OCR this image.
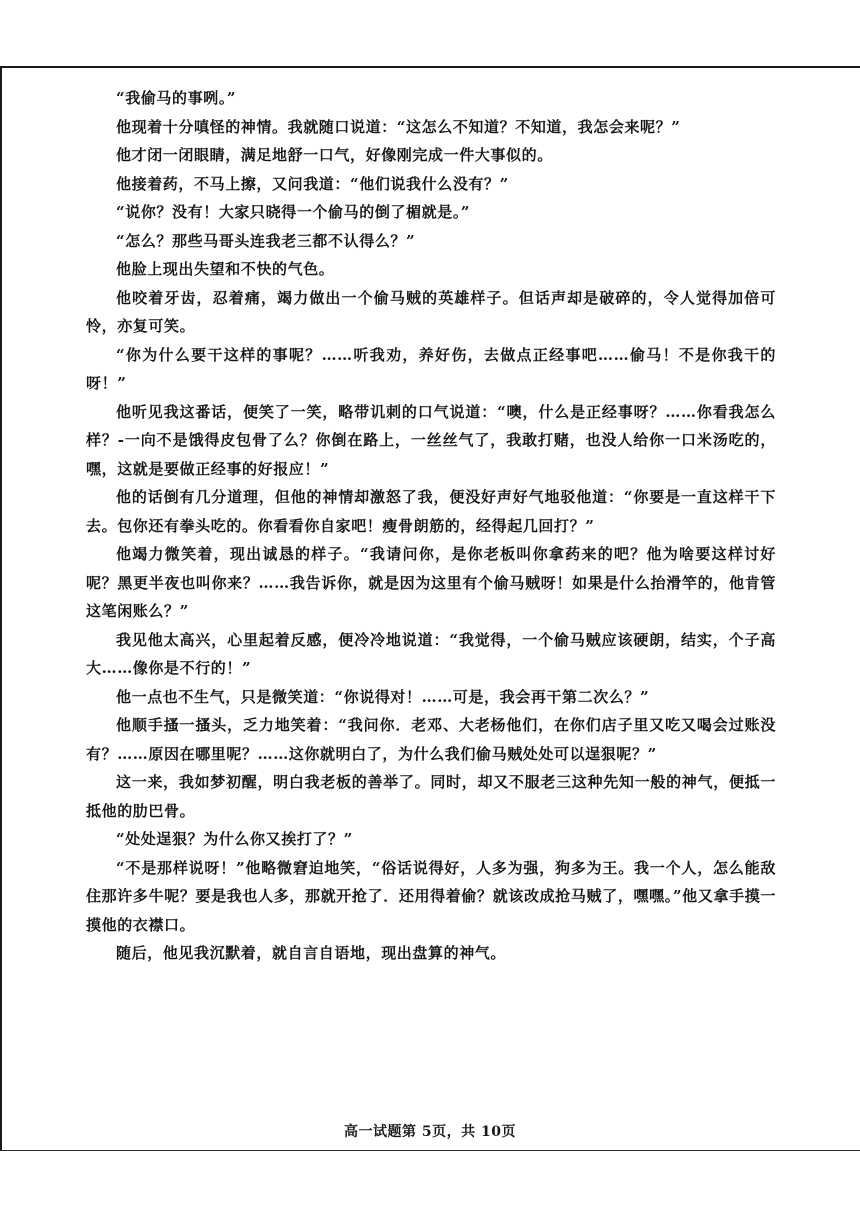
“我偷马的事咧。”

他现着十分嗔怪的神情。我就随口说道：“这怎么不知道？不知道，我怎会来呢？”

他才闭一闭眼睛，满足地舒一口气，好像刚完成一件大事似的。

他接着药，不马上擦，又问我道：“他们说我什么没有？”

“说你？没有！大家只晓得一个偷马的倒了楣就是。”

“怎么？那些马哥头连我老三都不认得么？”

他脸上现出失望和不快的气色。

他咬着牙齿，忍着痛，竭力做出一个偷马贼的英雄样子。但话声却是破碎的，令人觉得加倍可怜，亦复可笑。

“你为什么要干这样的事呢？……听我劝，养好伤，去做点正经事吧……偷马！不是你我干的呀！”

他听见我这番话，便笑了一笑，略带讥刺的口气说道：“噢，什么是正经事呀？……你看我怎么样？-一向不是饿得皮包骨了么？你倒在路上，一丝丝气了，我敢打赌，也没人给你一口米汤吃的，嘿，这就是要做正经事的好报应！”

他的话倒有几分道理，但他的神情却激怒了我，便没好声好气地驳他道：“你要是一直这样干下去。包你还有拳头吃的。你看看你自家吧！瘦骨朗筋的，经得起几回打？”

他竭力微笑着，现出诚恳的样子。“我请问你，是你老板叫你拿药来的吧？他为啥要这样讨好呢？黑更半夜也叫你来？……我告诉你，就是因为这里有个偷马贼呀！如果是什么抬滑竿的，他肯管这笔闲账么？”

我见他太高兴，心里起着反感，便冷冷地说道：“我觉得，一个偷马贼应该硬朗，结实，个子高大……像你是不行的！”

他一点也不生气，只是微笑道：“你说得对！……可是，我会再干第二次么？”

他顺手搔一搔头，乏力地笑着：“我问你．老邓、大老杨他们，在你们店子里又吃又喝会过账没有？……原因在哪里呢？……这你就明白了，为什么我们偷马贼处处可以逞狠呢？”

这一来，我如梦初醒，明白我老板的善举了。同时，却又不服老三这种先知一般的神气，便抵一抵他的肋巴骨。

“处处逞狠？为什么你又挨打了？”

“不是那样说呀！”他略微窘迫地笑，“俗话说得好，人多为强，狗多为王。我一个人，怎么能敌住那许多牛呢？要是我也人多，那就开抢了．还用得着偷？就该改成抢马贼了，嘿嘿。”他又拿手摸一摸他的衣襟口。

随后，他见我沉默着，就自言自语地，现出盘算的神气。

高一试题第 5页，共 10页
